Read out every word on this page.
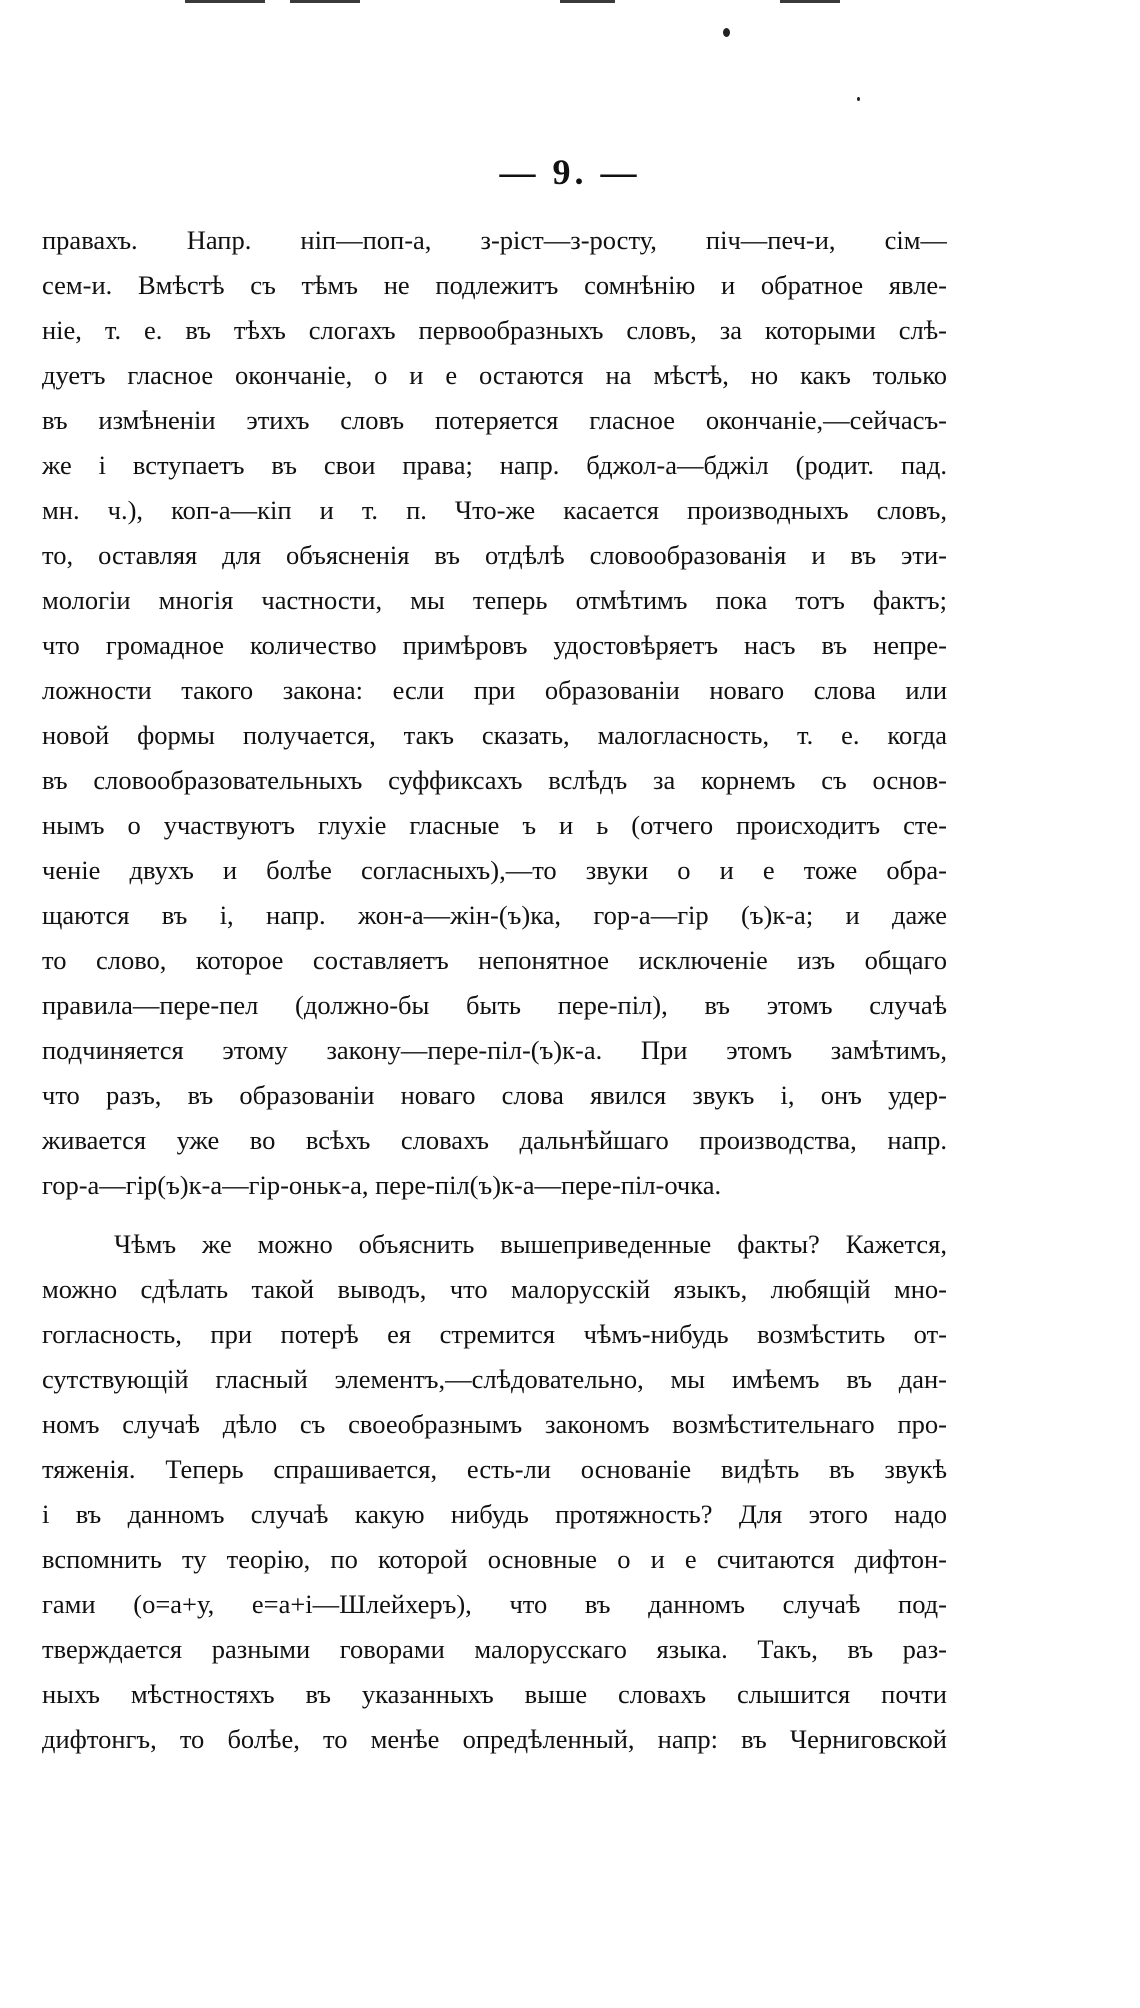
— 9. —
правахъ. Напр. ніп—поп-а, з-ріст—з-росту, піч—печ-и, сім—
сем-и. Вмѣстѣ съ тѣмъ не подлежитъ сомнѣнію и обратное явле-
ніе, т. е. въ тѣхъ слогахъ первообразныхъ словъ, за которыми слѣ-
дуетъ гласное окончаніе, о и е остаются на мѣстѣ, но какъ только
въ измѣненіи этихъ словъ потеряется гласное окончаніе,—сейчасъ-
же і вступаетъ въ свои права; напр. бджол-а—бджіл (родит. пад.
мн. ч.), коп-а—кіп и т. п. Что-же касается производныхъ словъ,
то, оставляя для объясненія въ отдѣлѣ словообразованія и въ эти-
мологіи многія частности, мы теперь отмѣтимъ пока тотъ фактъ;
что громадное количество примѣровъ удостовѣряетъ насъ въ непре-
ложности такого закона: если при образованіи новаго слова или
новой формы получается, такъ сказать, малогласность, т. е. когда
въ словообразовательныхъ суффиксахъ вслѣдъ за корнемъ съ основ-
нымъ о участвуютъ глухіе гласные ъ и ь (отчего происходитъ сте-
ченіе двухъ и болѣе согласныхъ),—то звуки о и е тоже обра-
щаются въ і, напр. жон-а—жін-(ъ)ка, гор-а—гір (ъ)к-а; и даже
то слово, которое составляетъ непонятное исключеніе изъ общаго
правила—пере-пел (должно-бы быть пере-піл), въ этомъ случаѣ
подчиняется этому закону—пере-піл-(ъ)к-а. При этомъ замѣтимъ,
что разъ, въ образованіи новаго слова явился звукъ і, онъ удер-
живается уже во всѣхъ словахъ дальнѣйшаго производства, напр.
гор-а—гір(ъ)к-а—гір-оньк-а, пере-піл(ъ)к-а—пере-піл-очка.
Чѣмъ же можно объяснить вышеприведенные факты? Кажется,
можно сдѣлать такой выводъ, что малорусскій языкъ, любящій мно-
гогласность, при потерѣ ея стремится чѣмъ-нибудь возмѣстить от-
сутствующій гласный элементъ,—слѣдовательно, мы имѣемъ въ дан-
номъ случаѣ дѣло съ своеобразнымъ закономъ возмѣстительнаго про-
тяженія. Теперь спрашивается, есть-ли основаніе видѣть въ звукѣ
і въ данномъ случаѣ какую нибудь протяжность? Для этого надо
вспомнить ту теорію, по которой основные о и е считаются дифтон-
гами (о=а+у, е=а+і—Шлейхеръ), что въ данномъ случаѣ под-
тверждается разными говорами малорусскаго языка. Такъ, въ раз-
ныхъ мѣстностяхъ въ указанныхъ выше словахъ слышится почти
дифтонгъ, то болѣе, то менѣе опредѣленный, напр: въ Черниговской
